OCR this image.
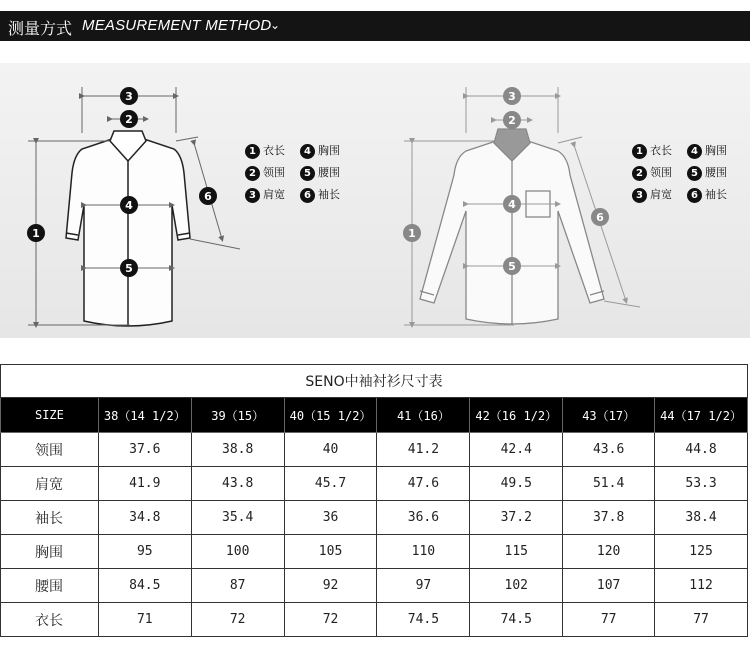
测量方式 MEASUREMENT METHOD
⌄
3
2
4
5
1
6
3
2
4
5
1
6
1 衣长	4 胸围
2 领围	5 腰围
3 肩宽	6 袖长
1 衣长	4 胸围
2 领围	5 腰围
3 肩宽	6 袖长
SENO中袖衬衫尺寸表							
SIZE	38（14 1/2）	39（15）	40（15 1/2）	41（16）	42（16 1/2）	43（17）	44（17 1/2）
领围	37.6	38.8	40	41.2	42.4	43.6	44.8
肩宽	41.9	43.8	45.7	47.6	49.5	51.4	53.3
袖长	34.8	35.4	36	36.6	37.2	37.8	38.4
胸围	95	100	105	110	115	120	125
腰围	84.5	87	92	97	102	107	112
衣长	71	72	72	74.5	74.5	77	77
